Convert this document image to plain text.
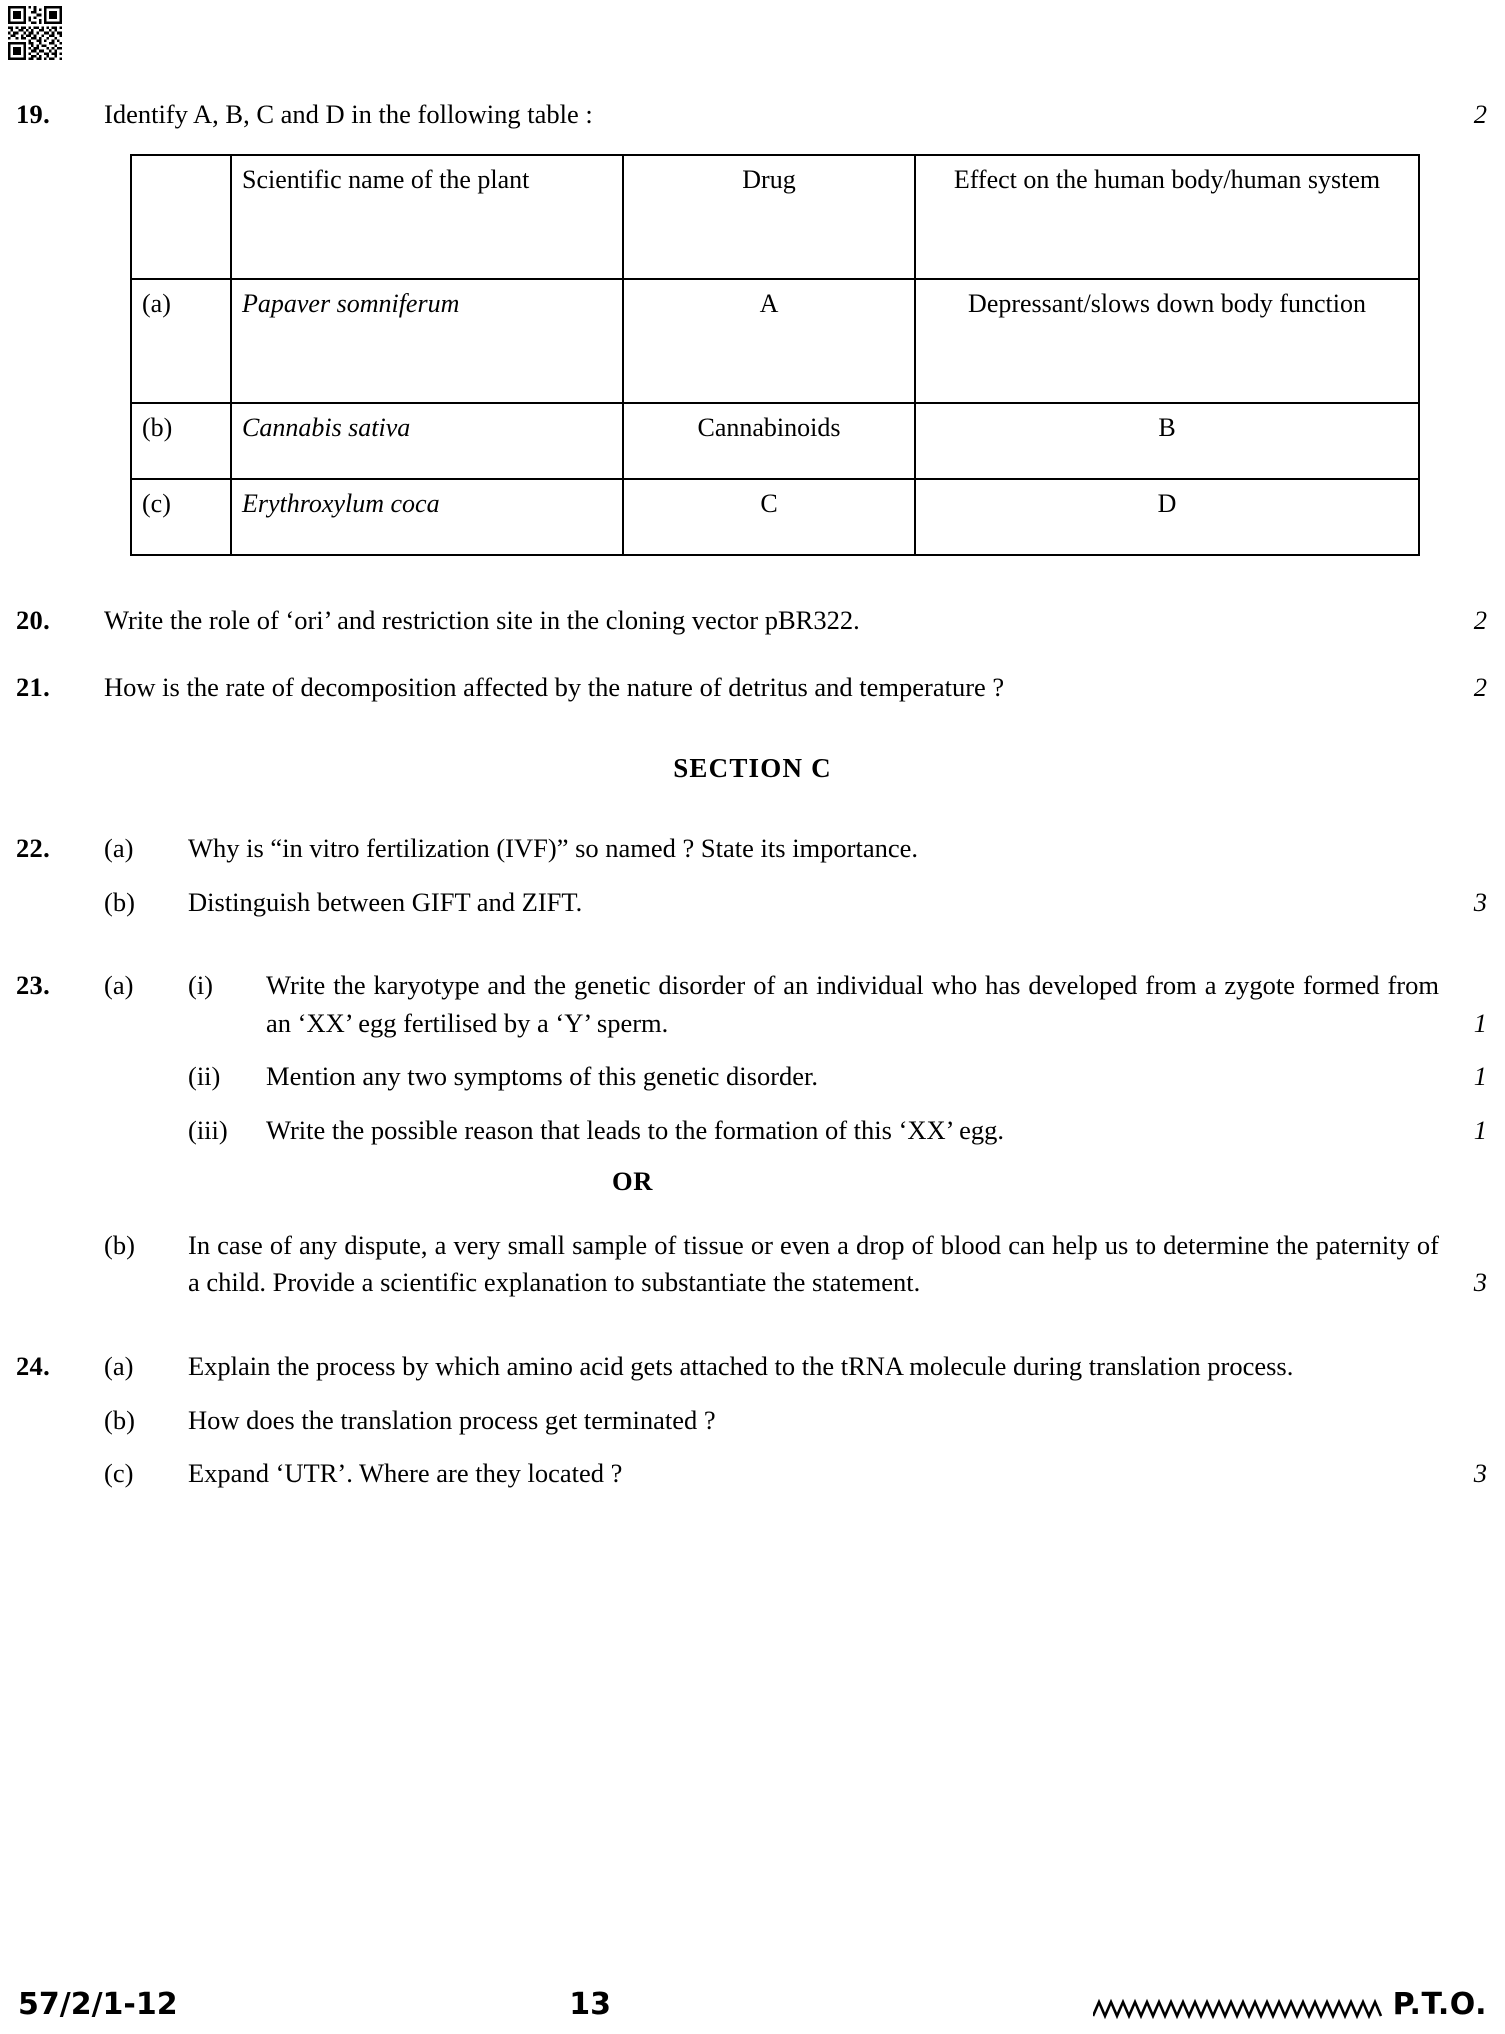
19.	Identify A, B, C and D in the following table :	2
	Scientific name of the plant	Drug	Effect on the human body/human system
(a)	Papaver somniferum	A	Depressant/slows down body function
(b)	Cannabis sativa	Cannabinoids	B
(c)	Erythroxylum coca	C	D
20.	Write the role of ‘ori’ and restriction site in the cloning vector pBR322.	2
21.	How is the rate of decomposition affected by the nature of detritus and temperature ?	2
SECTION C
22.	(a)	Why is “in vitro fertilization (IVF)” so named ? State its importance.
(b)	Distinguish between GIFT and ZIFT.	3
23.	(a)	(i)	Write the karyotype and the genetic disorder of an individual who has developed from a zygote formed from an ‘XX’ egg fertilised by a ‘Y’ sperm.	1
(ii)	Mention any two symptoms of this genetic disorder.	1
(iii)	Write the possible reason that leads to the formation of this ‘XX’ egg.	1
OR
(b)	In case of any dispute, a very small sample of tissue or even a drop of blood can help us to determine the paternity of a child. Provide a scientific explanation to substantiate the statement.	3
24.	(a)	Explain the process by which amino acid gets attached to the tRNA molecule during translation process.
(b)	How does the translation process get terminated ?
(c)	Expand ‘UTR’. Where are they located ?	3
57/2/1-12	13	P.T.O.
